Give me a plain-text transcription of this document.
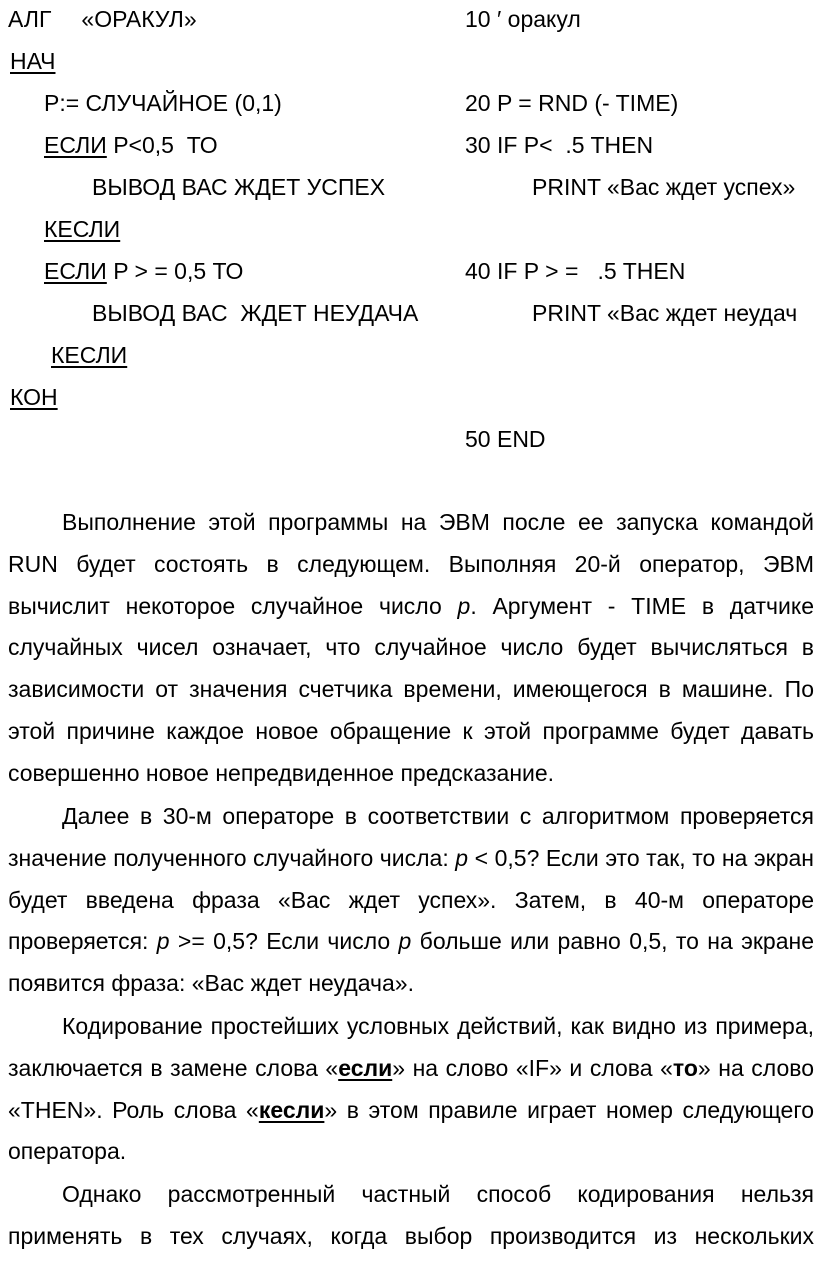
АЛГ «ОРАКУЛ»
НАЧ
P:= СЛУЧАЙНОЕ (0,1)
ЕСЛИ P<0,5  ТО
ВЫВОД ВАС ЖДЕТ УСПЕХ
КЕСЛИ
ЕСЛИ P > = 0,5 ТО
ВЫВОД ВАС  ЖДЕТ НЕУДАЧА
КЕСЛИ
КОН
10 ′ оракул
20 P = RND (- TIME)
30 IF P<  .5 THEN
PRINT «Вас ждет успех»
40 IF P > =   .5 THEN
PRINT «Вас ждет неудач
50 END

Выполнение этой программы на ЭВМ после ее запуска командой RUN будет состоять в следующем. Выполняя 20-й оператор, ЭВМ вычислит некоторое случайное число р. Аргумент - TIME в датчике случайных чисел означает, что случайное число будет вычисляться в зависимости от значения счетчика времени, имеющегося в машине. По этой причине каждое новое обращение к этой программе будет давать совершенно новое непредвиденное предсказание.

Далее в 30-м операторе в соответствии с алгоритмом проверяется значение полученного случайного числа: р < 0,5? Если это так, то на экран будет введена фраза «Вас ждет успех». Затем, в 40-м операторе проверяется: р >= 0,5? Если число р больше или равно 0,5, то на экране появится фраза: «Вас ждет неудача».

Кодирование простейших условных действий, как видно из примера, заключается в замене слова «если» на слово «IF» и слова «то» на слово «THEN». Роль слова «кесли» в этом правиле играет номер следующего оператора.

Однако рассмотренный частный способ кодирования нельзя применять в тех случаях, когда выбор производится из нескольких
